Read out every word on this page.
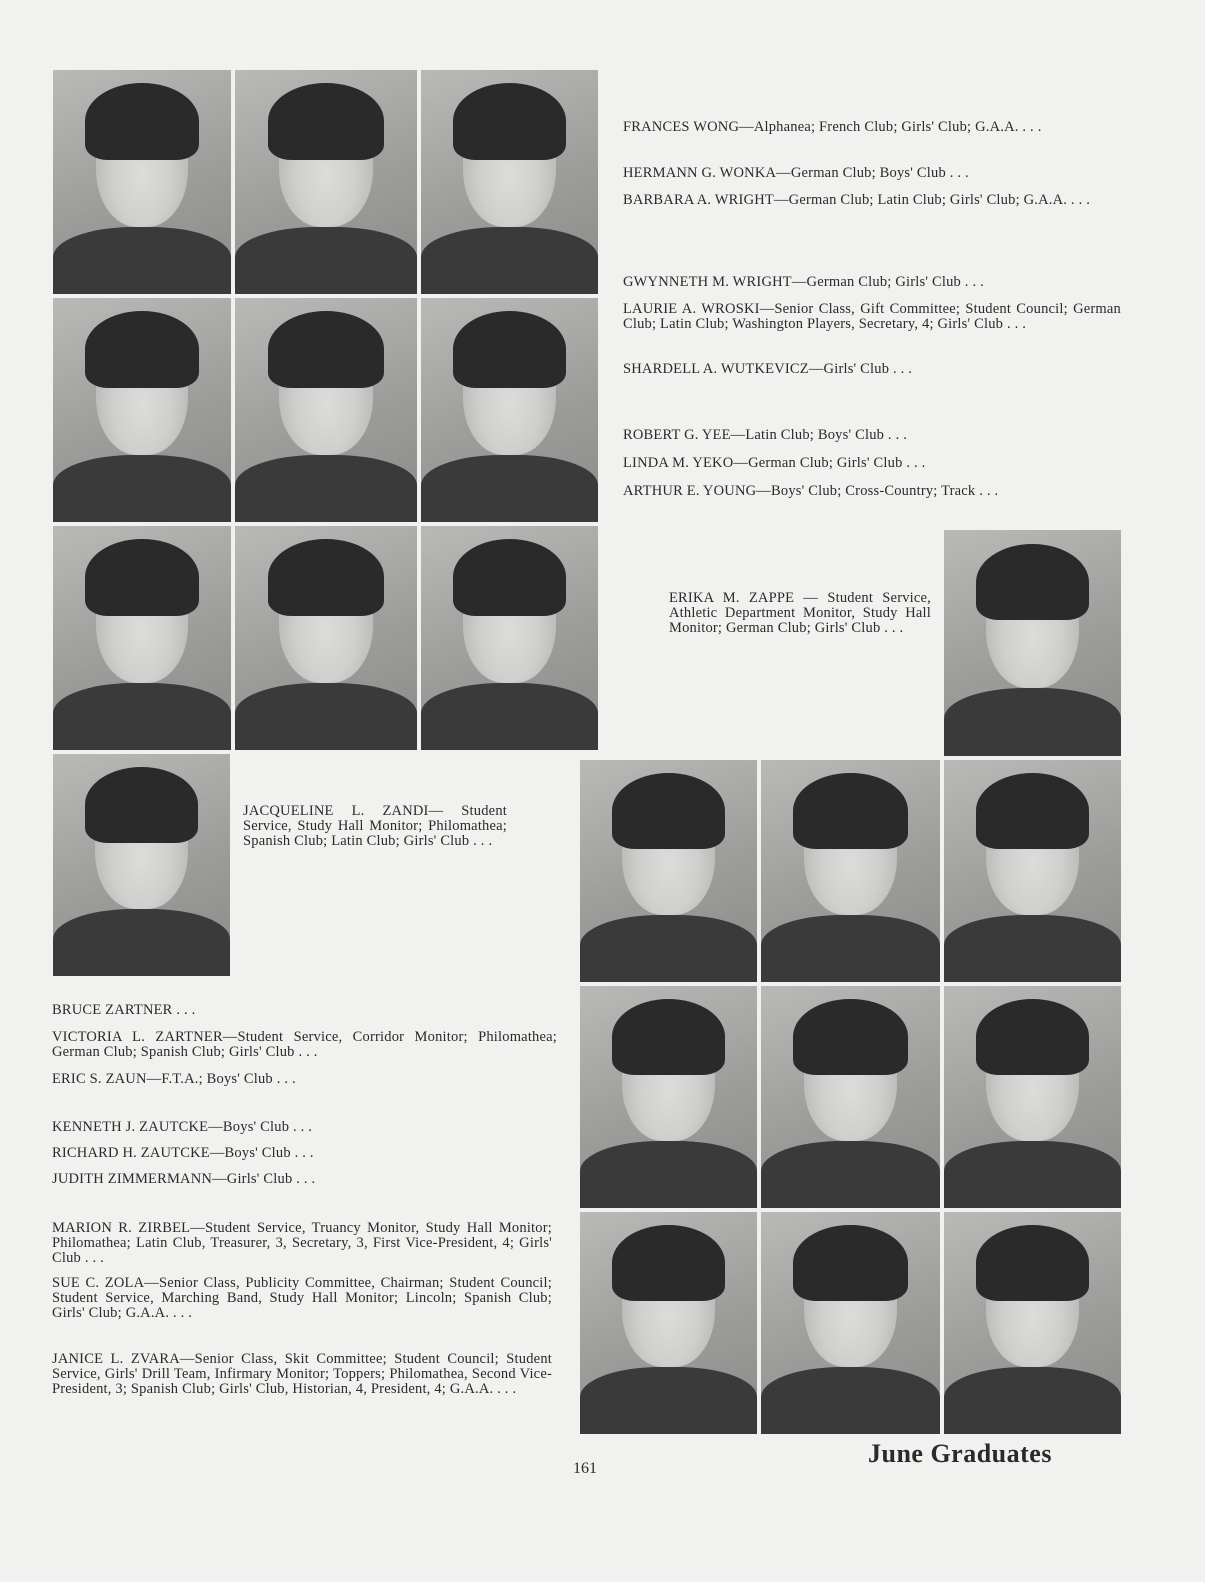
FRANCES WONG—Alphanea; French Club; Girls' Club; G.A.A. . . .
HERMANN G. WONKA—German Club; Boys' Club . . .
BARBARA A. WRIGHT—German Club; Latin Club; Girls' Club; G.A.A. . . .
GWYNNETH M. WRIGHT—German Club; Girls' Club . . .
LAURIE A. WROSKI—Senior Class, Gift Committee; Student Council; German Club; Latin Club; Washington Players, Secretary, 4; Girls' Club . . .
SHARDELL A. WUTKEVICZ—Girls' Club . . .
ROBERT G. YEE—Latin Club; Boys' Club . . .
LINDA M. YEKO—German Club; Girls' Club . . .
ARTHUR E. YOUNG—Boys' Club; Cross-Country; Track . . .
ERIKA M. ZAPPE — Student Service, Athletic Department Monitor, Study Hall Monitor; German Club; Girls' Club . . .
JACQUELINE L. ZANDI— Student Service, Study Hall Monitor; Philomathea; Spanish Club; Latin Club; Girls' Club . . .
BRUCE ZARTNER . . .
VICTORIA L. ZARTNER—Student Service, Corridor Monitor; Philomathea; German Club; Spanish Club; Girls' Club . . .
ERIC S. ZAUN—F.T.A.; Boys' Club . . .
KENNETH J. ZAUTCKE—Boys' Club . . .
RICHARD H. ZAUTCKE—Boys' Club . . .
JUDITH ZIMMERMANN—Girls' Club . . .
MARION R. ZIRBEL—Student Service, Truancy Monitor, Study Hall Monitor; Philomathea; Latin Club, Treasurer, 3, Secretary, 3, First Vice-President, 4; Girls' Club . . .
SUE C. ZOLA—Senior Class, Publicity Committee, Chairman; Student Council; Student Service, Marching Band, Study Hall Monitor; Lincoln; Spanish Club; Girls' Club; G.A.A. . . .
JANICE L. ZVARA—Senior Class, Skit Committee; Student Council; Student Service, Girls' Drill Team, Infirmary Monitor; Toppers; Philomathea, Second Vice-President, 3; Spanish Club; Girls' Club, Historian, 4, President, 4; G.A.A. . . .
161
June Graduates
